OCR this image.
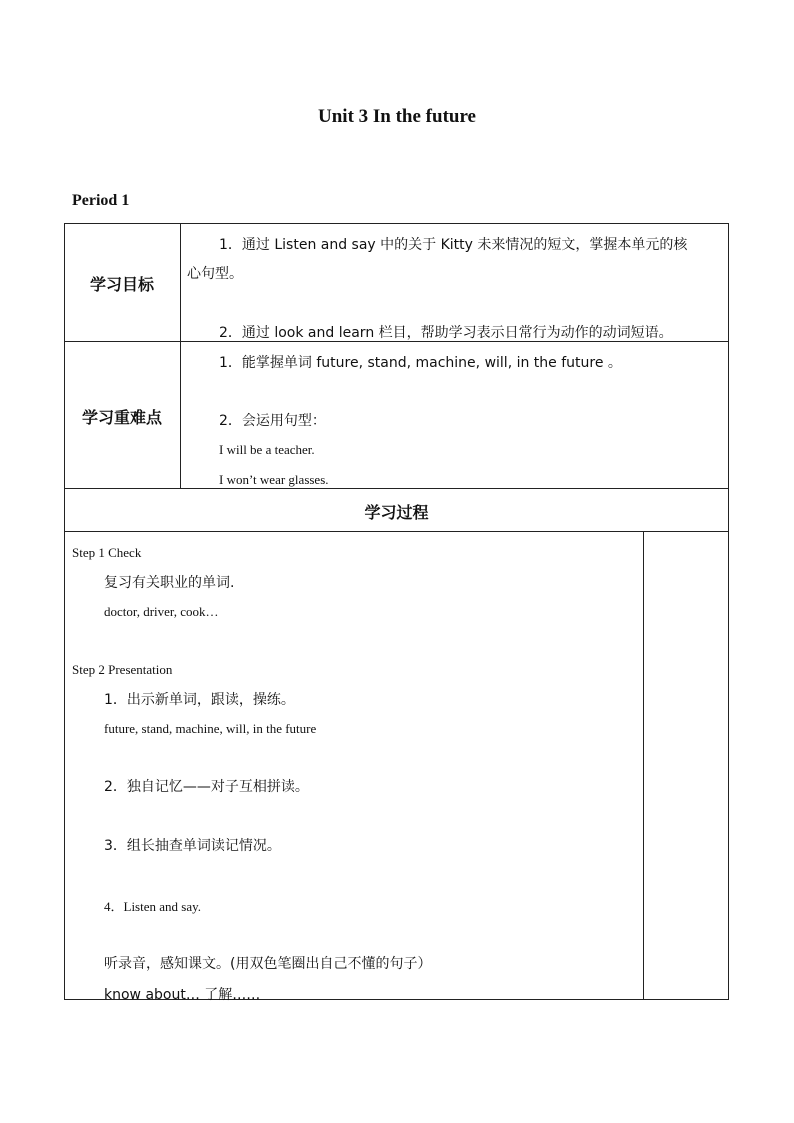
Unit 3 In the future
Period 1
学习目标
1．通过 Listen and say 中的关于 Kitty 未来情况的短文，掌握本单元的核
心句型。
2．通过 look and learn 栏目，帮助学习表示日常行为动作的动词短语。
学习重难点
1．能掌握单词 future, stand, machine, will, in the future 。
2．会运用句型：
I will be a teacher.
I won’t wear glasses.
学习过程
Step 1 Check
复习有关职业的单词.
doctor, driver, cook…
Step 2 Presentation
1．出示新单词，跟读，操练。
future, stand, machine, will, in the future
2．独自记忆——对子互相拼读。
3．组长抽查单词读记情况。
4．Listen and say.
听录音，感知课文。(用双色笔圈出自己不懂的句子）
know about… 了解……
